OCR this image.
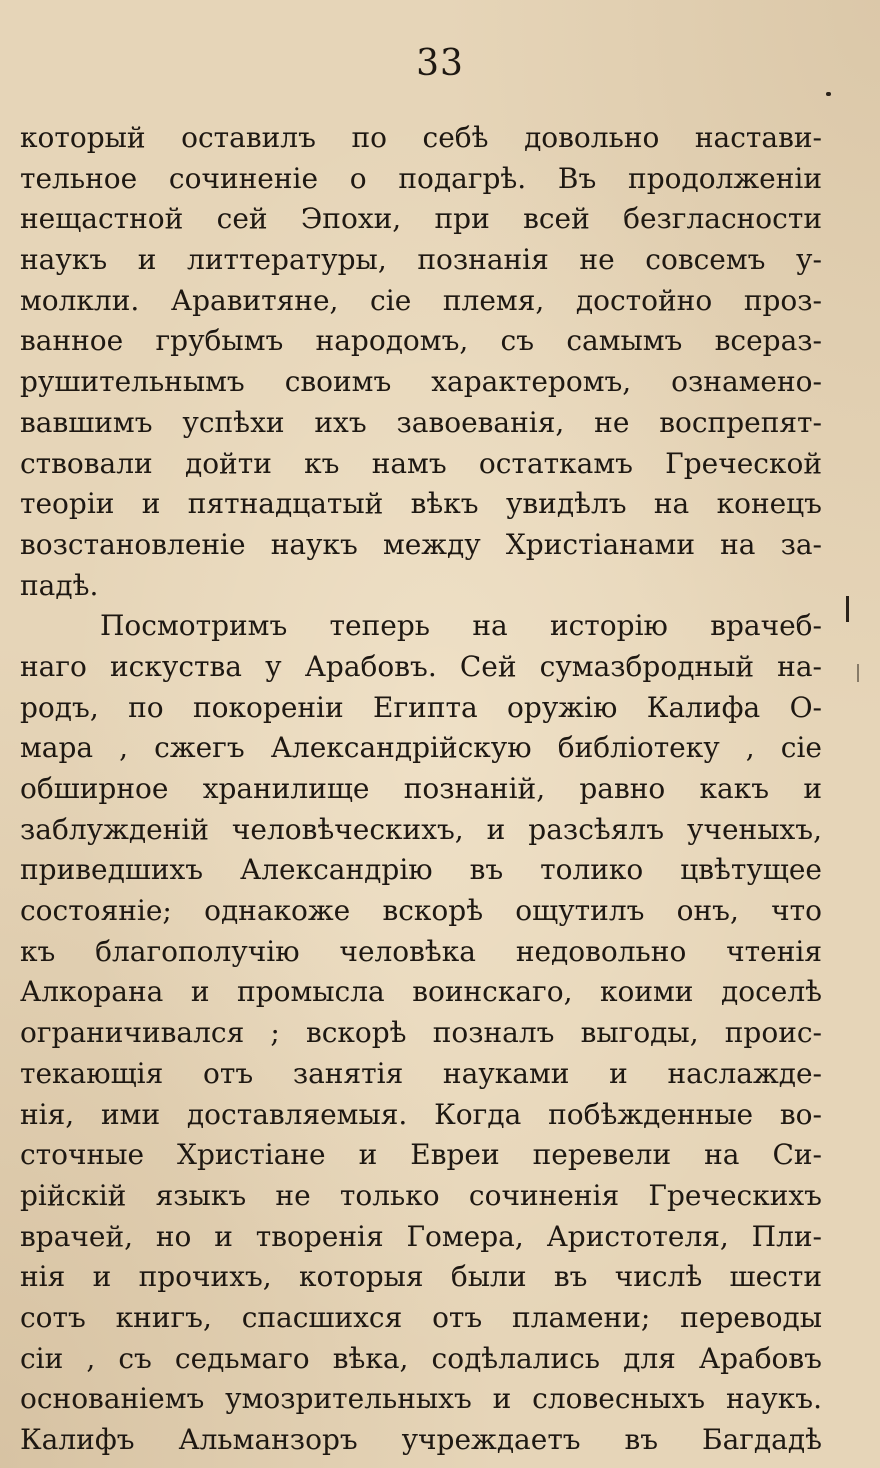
33
который оставилъ по себѣ довольно настави-
тельное сочиненіе о подагрѣ. Въ продолженіи
нещастной сей Эпохи, при всей безгласности
наукъ и литтературы, познанія не совсемъ у-
молкли. Аравитяне, сіе племя, достойно проз-
ванное грубымъ народомъ, съ самымъ всераз-
рушительнымъ своимъ характеромъ, ознамено-
вавшимъ успѣхи ихъ завоеванія, не воспрепят-
ствовали дойти къ намъ остаткамъ Греческой
теоріи и пятнадцатый вѣкъ увидѣлъ на конецъ
возстановленіе наукъ между Христіанами на за-
падѣ.
Посмотримъ теперь на исторію врачеб-
наго искуства у Арабовъ. Сей сумазбродный на-
родъ, по покореніи Египта оружію Калифа О-
мара , сжегъ Александрійскую библіотеку , сіе
обширное хранилище познаній, равно какъ и
заблужденій человѣческихъ, и разсѣялъ ученыхъ,
приведшихъ Александрію въ толико цвѣтущее
состояніе; однакоже вскорѣ ощутилъ онъ, что
къ благополучію человѣка недовольно чтенія
Алкорана и промысла воинскаго, коими доселѣ
ограничивался ; вскорѣ позналъ выгоды, проис-
текающія отъ занятія науками и наслажде-
нія, ими доставляемыя. Когда побѣжденные во-
сточные Христіане и Евреи перевели на Си-
рійскій языкъ не только сочиненія Греческихъ
врачей, но и творенія Гомера, Аристотеля, Пли-
нія и прочихъ, которыя были въ числѣ шести
сотъ книгъ, спасшихся отъ пламени; переводы
сіи , съ седьмаго вѣка, содѣлались для Арабовъ
основаніемъ умозрительныхъ и словесныхъ наукъ.
Калифъ Альманзоръ учреждаетъ въ Багдадѣ
